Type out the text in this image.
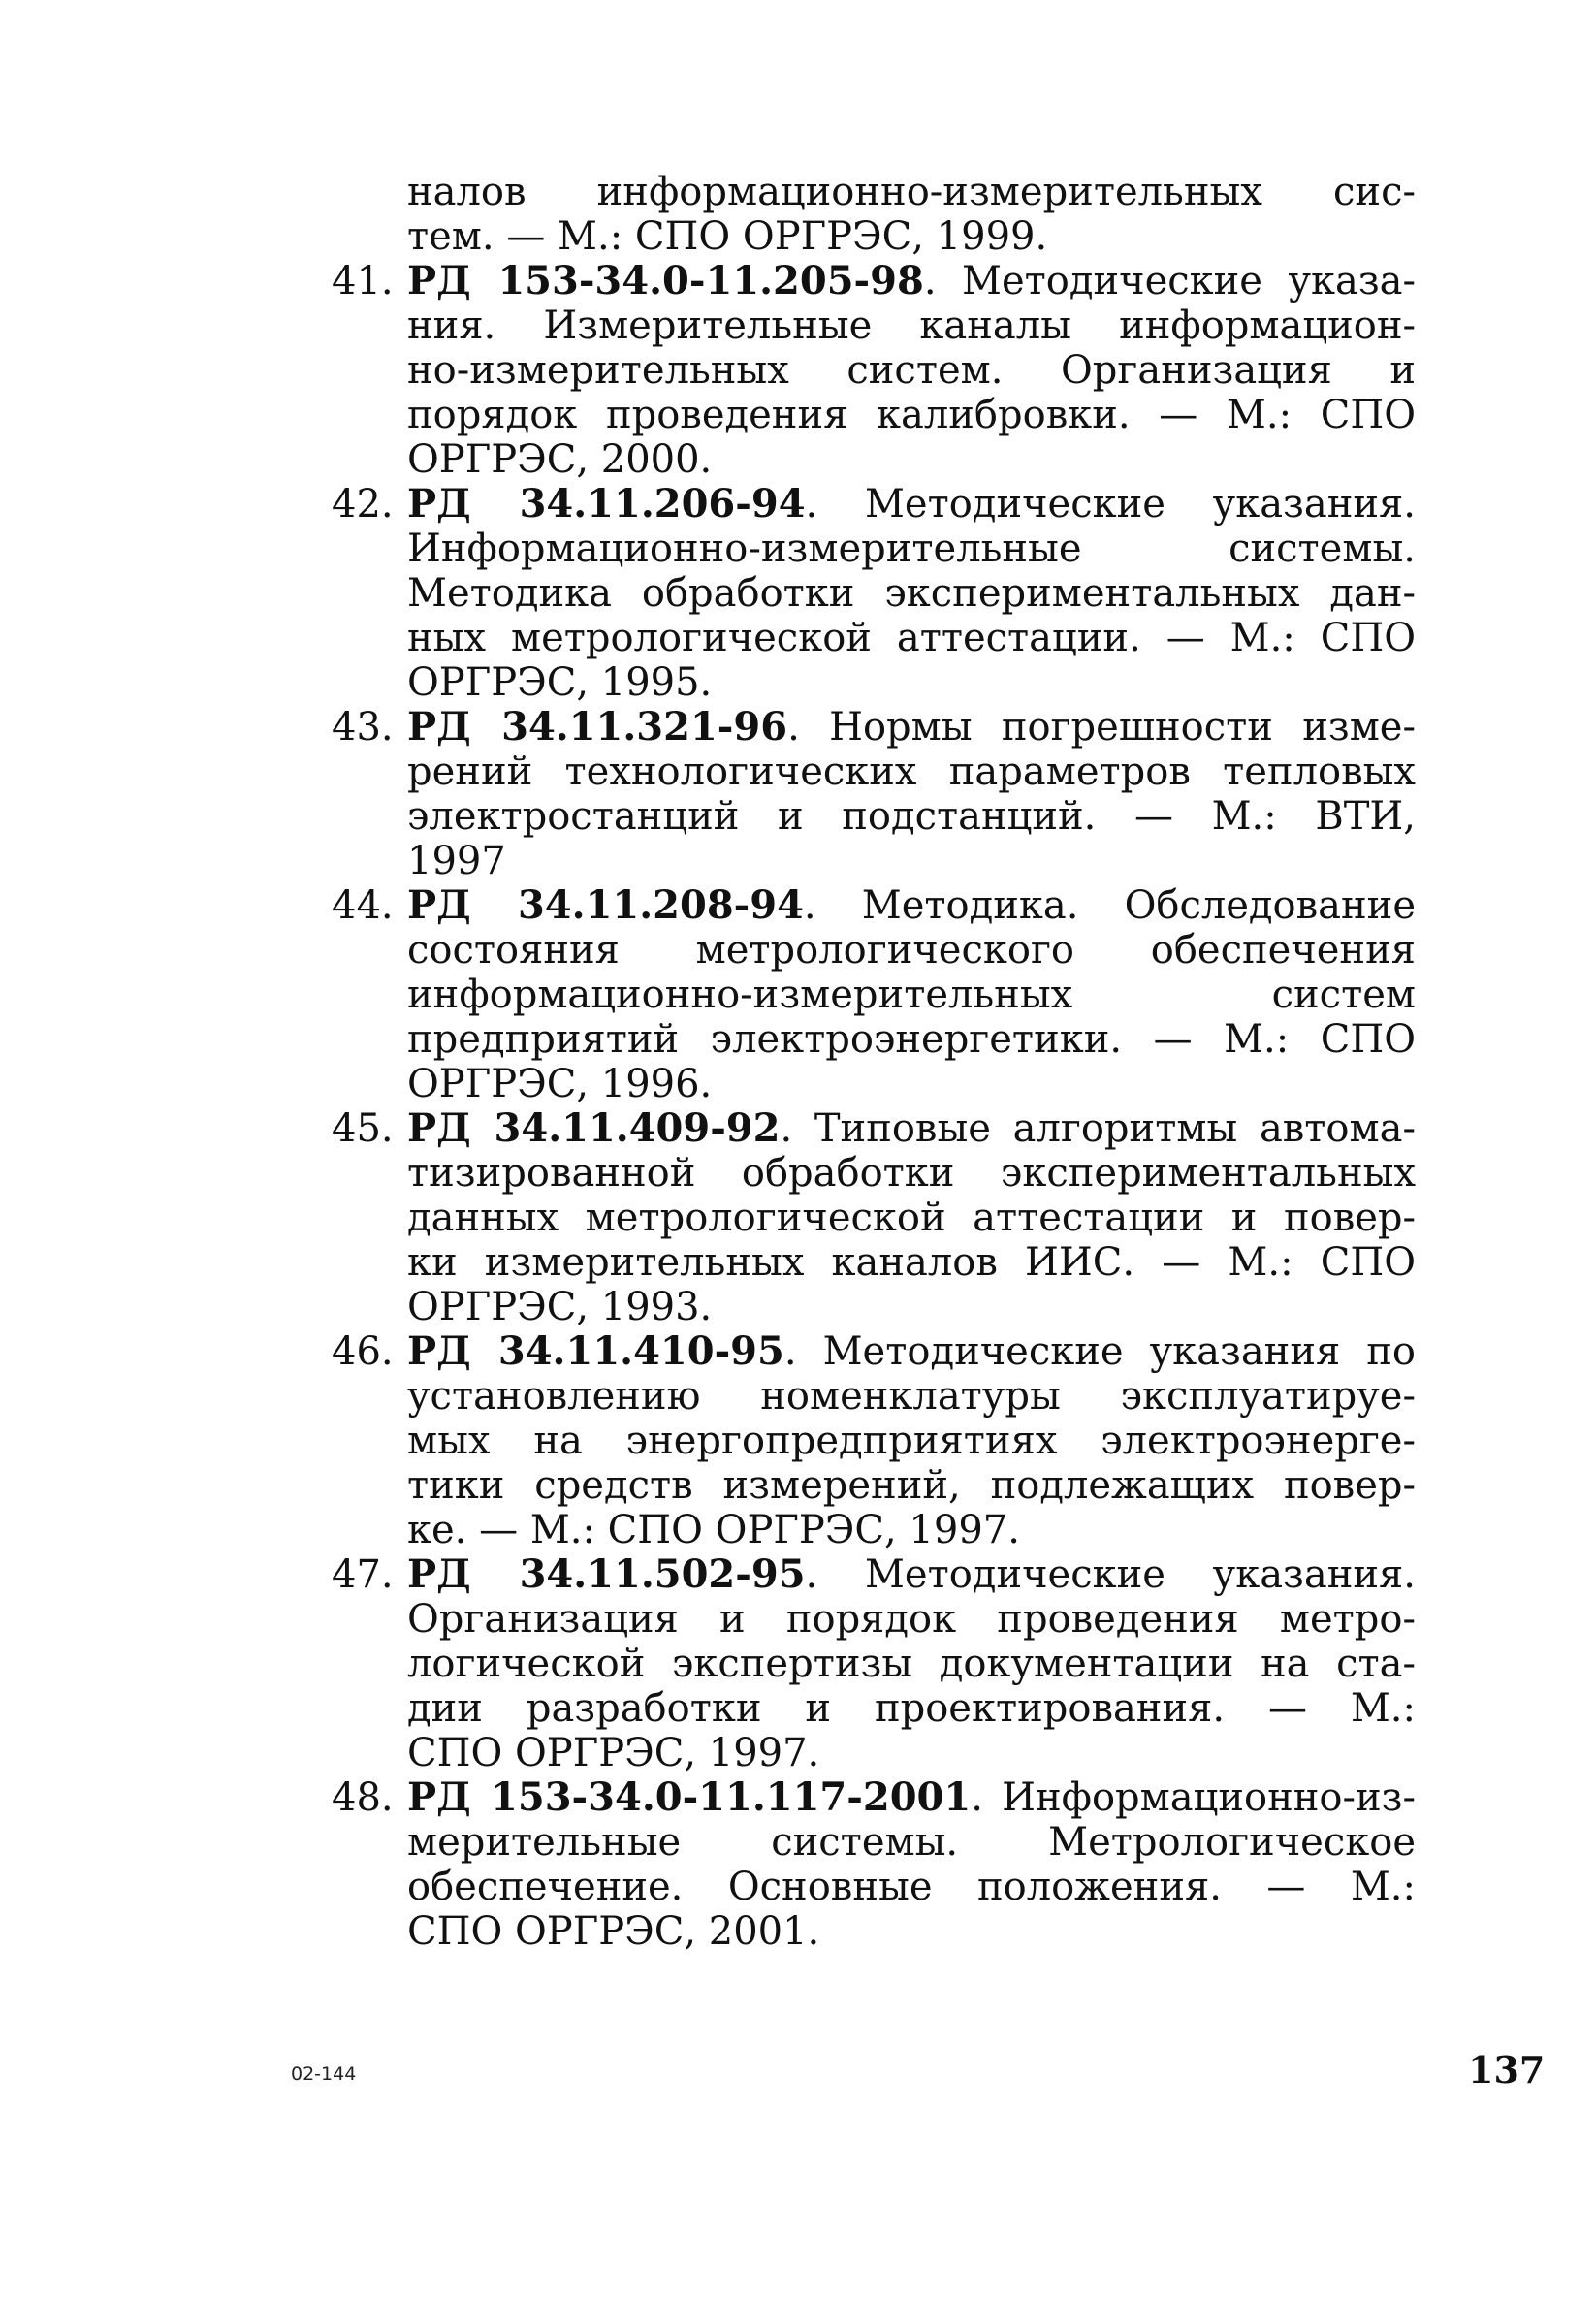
налов информационно-измерительных сис-
тем. — М.: СПО ОРГРЭС, 1999.
41. РД 153-34.0-11.205-98. Методические указа-
ния. Измерительные каналы информацион-
но-измерительных систем. Организация и
порядок проведения калибровки. — М.: СПО
ОРГРЭС, 2000.
42. РД 34.11.206-94. Методические указания.
Информационно-измерительные системы.
Методика обработки экспериментальных дан-
ных метрологической аттестации. — М.: СПО
ОРГРЭС, 1995.
43. РД 34.11.321-96. Нормы погрешности изме-
рений технологических параметров тепловых
электростанций и подстанций. — М.: ВТИ,
1997
44. РД 34.11.208-94. Методика. Обследование
состояния метрологического обеспечения
информационно-измерительных систем
предприятий электроэнергетики. — М.: СПО
ОРГРЭС, 1996.
45. РД 34.11.409-92. Типовые алгоритмы автома-
тизированной обработки экспериментальных
данных метрологической аттестации и повер-
ки измерительных каналов ИИС. — М.: СПО
ОРГРЭС, 1993.
46. РД 34.11.410-95. Методические указания по
установлению номенклатуры эксплуатируе-
мых на энергопредприятиях электроэнерге-
тики средств измерений, подлежащих повер-
ке. — М.: СПО ОРГРЭС, 1997.
47. РД 34.11.502-95. Методические указания.
Организация и порядок проведения метро-
логической экспертизы документации на ста-
дии разработки и проектирования. — М.:
СПО ОРГРЭС, 1997.
48. РД 153-34.0-11.117-2001. Информационно-из-
мерительные системы. Метрологическое
обеспечение. Основные положения. — М.:
СПО ОРГРЭС, 2001.
02-144	137
